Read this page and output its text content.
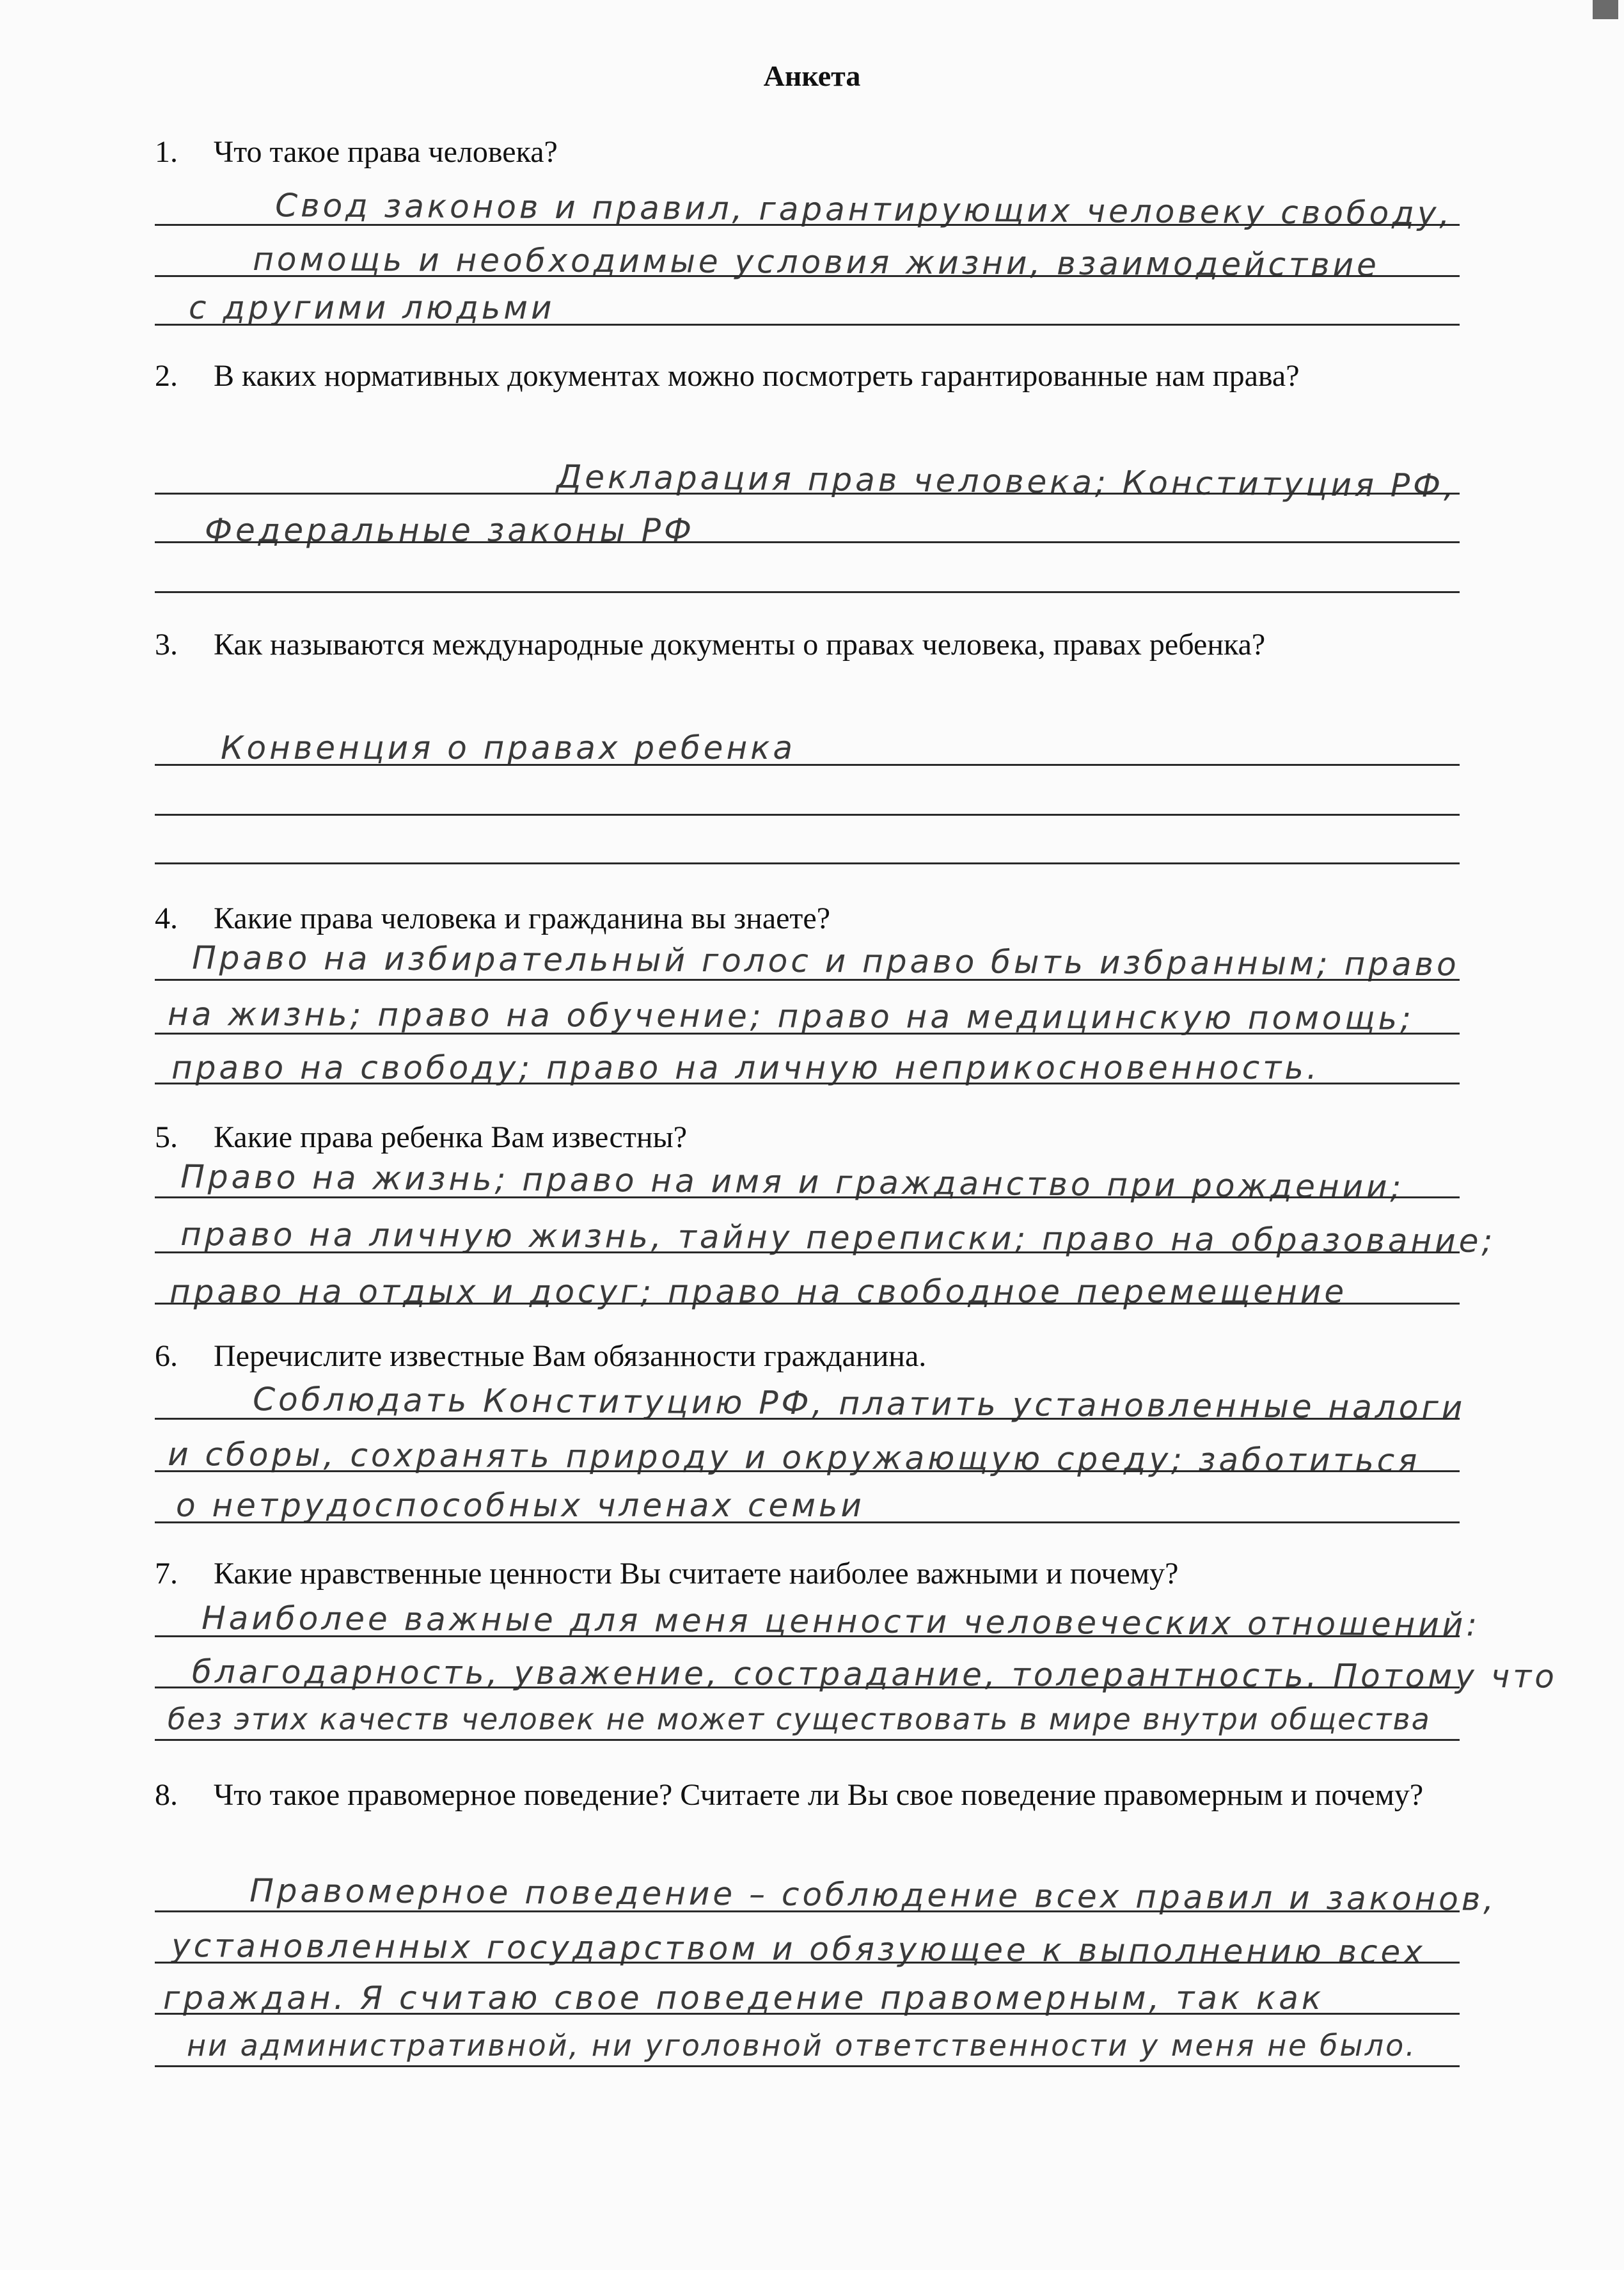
Анкета
1. Что такое права человека?
Свод законов и правил, гарантирующих человеку свободу,
помощь и необходимые условия жизни, взаимодействие
с другими людьми
2. В каких нормативных документах можно посмотреть гарантированные нам права?
Декларация прав человека; Конституция РФ,
Федеральные законы РФ
3. Как называются международные документы о правах человека, правах ребенка?
Конвенция о правах ребенка
4. Какие права человека и гражданина вы знаете?
Право на избирательный голос и право быть избранным; право
на жизнь; право на обучение; право на медицинскую помощь;
право на свободу; право на личную неприкосновенность.
5. Какие права ребенка Вам известны?
Право на жизнь; право на имя и гражданство при рождении;
право на личную жизнь, тайну переписки; право на образование;
право на отдых и досуг; право на свободное перемещение
6. Перечислите известные Вам обязанности гражданина.
Соблюдать Конституцию РФ, платить установленные налоги
и сборы, сохранять природу и окружающую среду; заботиться
о нетрудоспособных членах семьи
7. Какие нравственные ценности Вы считаете наиболее важными и почему?
Наиболее важные для меня ценности человеческих отношений:
благодарность, уважение, сострадание, толерантность. Потому что
без этих качеств человек не может существовать в мире внутри общества
8. Что такое правомерное поведение? Считаете ли Вы свое поведение правомерным и почему?
Правомерное поведение – соблюдение всех правил и законов,
установленных государством и обязующее к выполнению всех
граждан. Я считаю свое поведение правомерным, так как
ни административной, ни уголовной ответственности у меня не было.
